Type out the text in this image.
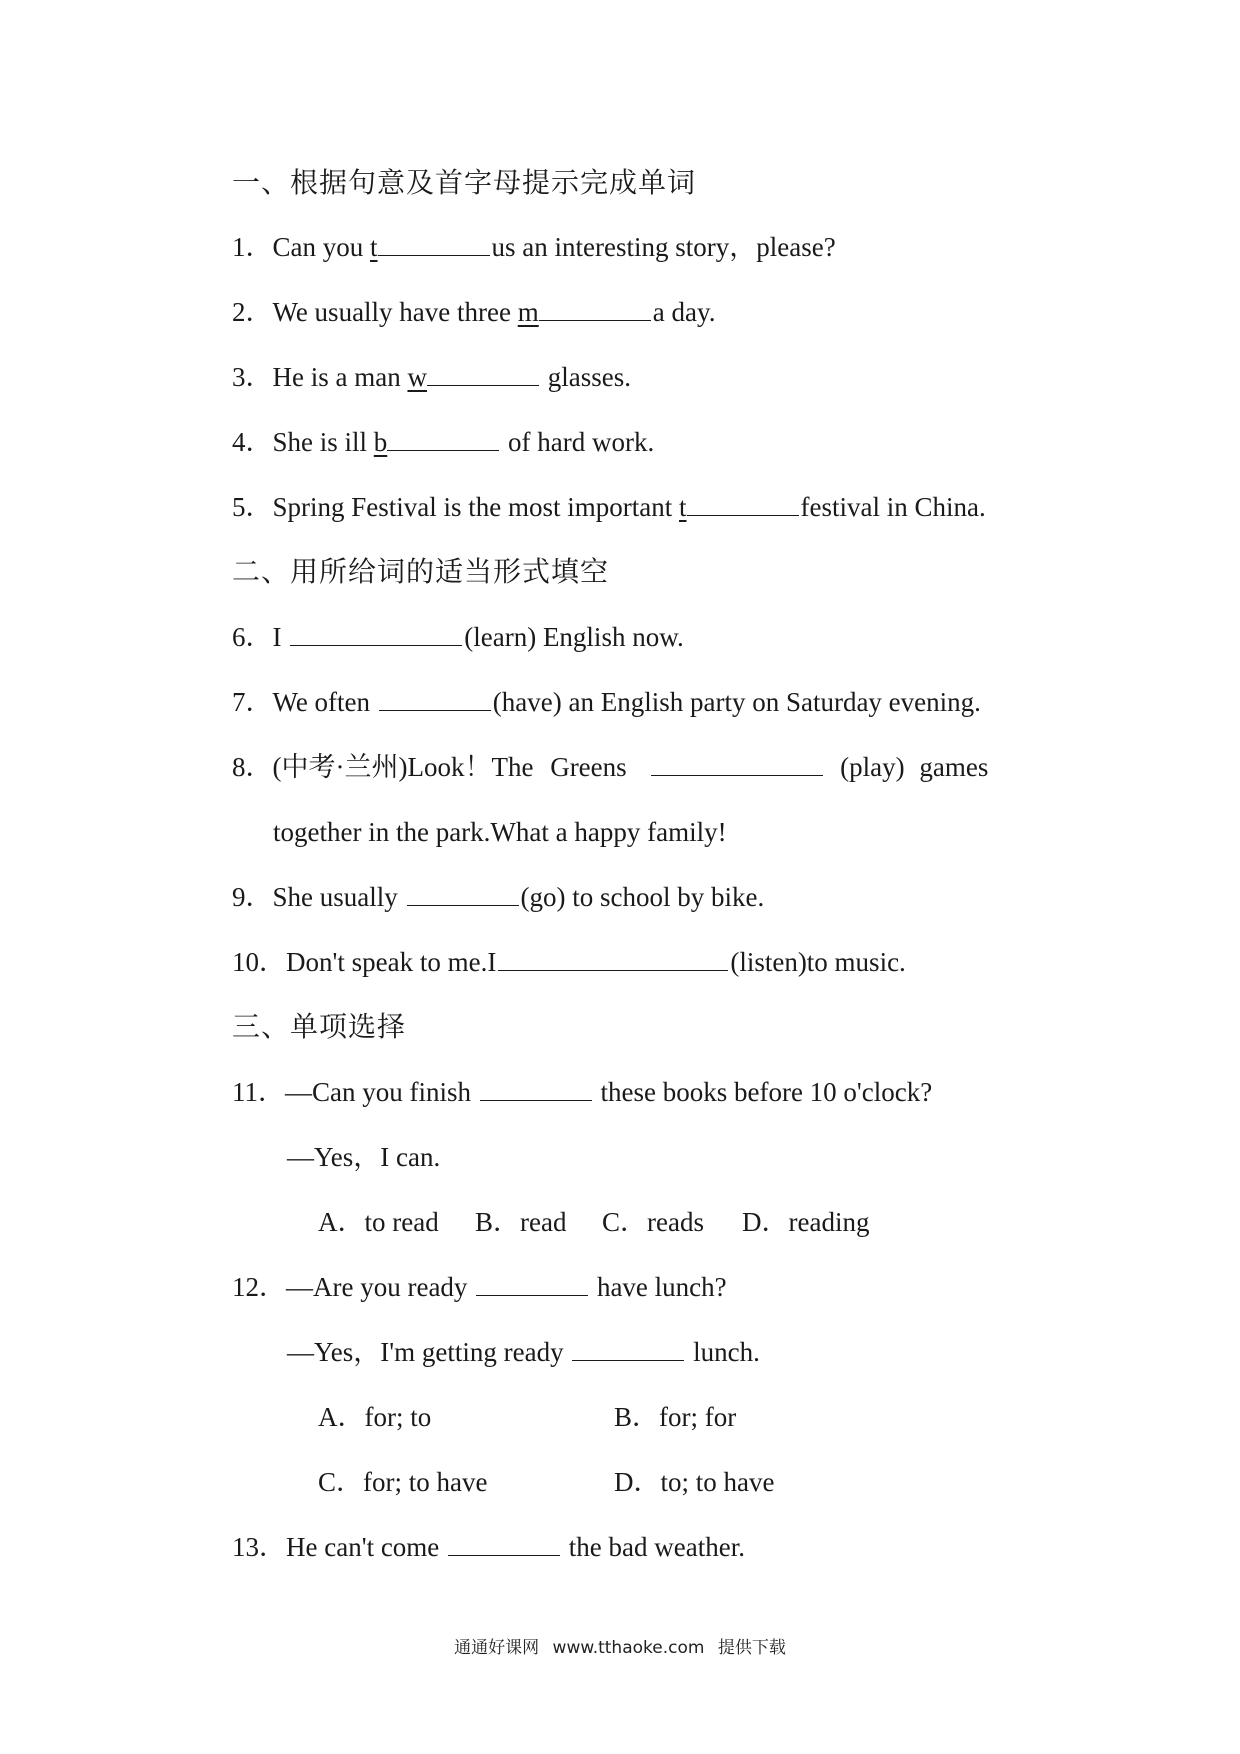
一、根据句意及首字母提示完成单词
1．Can you t	us an interesting story，please?
2．We usually have three m	a day.
3．He is a man w	glasses.
4．She is ill b	of hard work.
5．Spring Festival is the most important t	festival in China.
二、用所给词的适当形式填空
6．I	(learn) English now.
7．We often	(have) an English party on Saturday evening.
8．(中考·兰州)Look！The Greens	(play) games
together in the park.What a happy family!
9．She usually	(go) to school by bike.
10．Don't speak to me.I	(listen)to music.
三、单项选择
11．—Can you finish	these books before 10 o'clock?
—Yes，I can.
A．to read B．read C．reads D．reading
12．—Are you ready	have lunch?
—Yes，I'm getting ready	lunch.
A．for; to	B．for; for
C．for; to have	D．to; to have
13．He can't come	the bad weather.
通通好课网 www.tthaoke.com 提供下载
